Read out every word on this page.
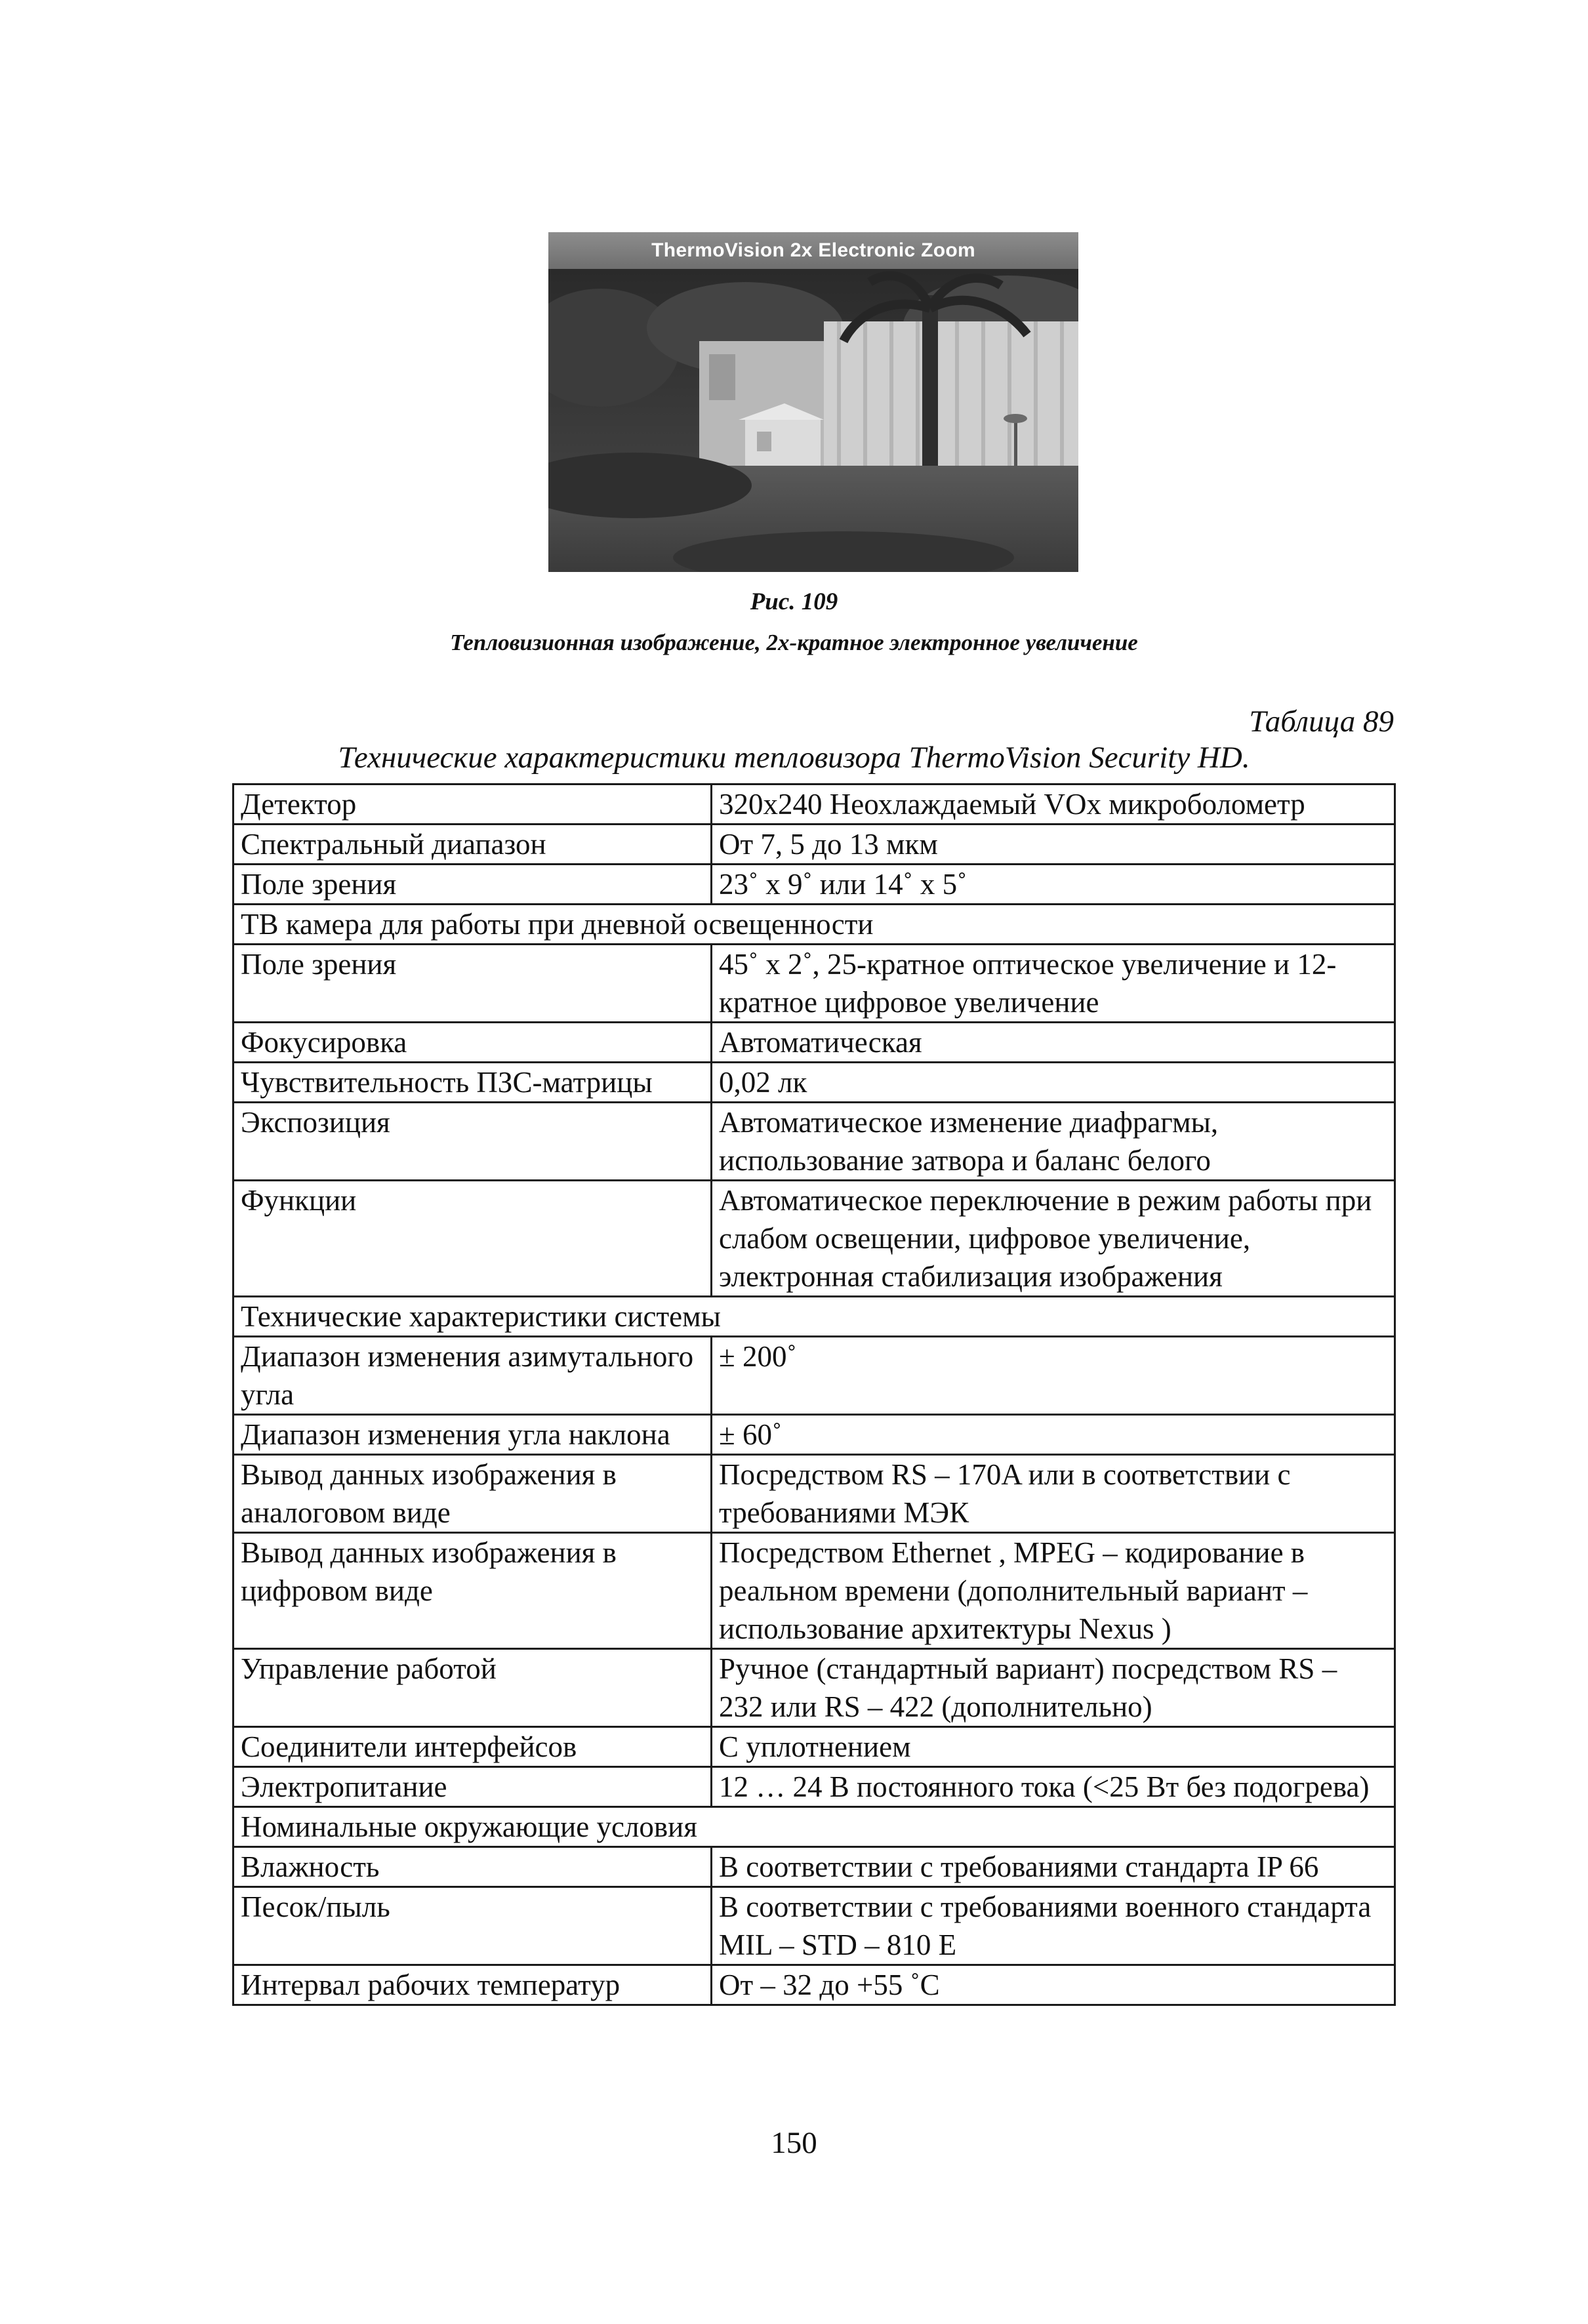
ThermoVision 2x Electronic Zoom
Рис. 109
Тепловизионная изображение, 2х-кратное электронное увеличение
Таблица 89
Технические характеристики тепловизора ThermoVision Security HD.
Детектор	320x240 Неохлаждаемый VOx микроболометр
Спектральный диапазон	От 7, 5 до 13 мкм
Поле зрения	23˚ х 9˚ или 14˚ х 5˚
ТВ камера для работы при дневной освещенности	
Поле зрения	45˚ х 2˚, 25-кратное оптическое увеличение и 12-кратное цифровое увеличение
Фокусировка	Автоматическая
Чувствительность ПЗС-матрицы	0,02 лк
Экспозиция	Автоматическое изменение диафрагмы, использование затвора и баланс белого
Функции	Автоматическое переключение в режим работы при слабом освещении, цифровое увеличение, электронная стабилизация изображения
Технические характеристики системы	
Диапазон изменения азимутального угла	± 200˚
Диапазон изменения угла наклона	± 60˚
Вывод данных изображения в аналоговом виде	Посредством RS – 170A или в соответствии с требованиями МЭК
Вывод данных изображения в цифровом виде	Посредством Ethernet , MPEG – кодирование в реальном времени (дополнительный вариант – использование архитектуры Nexus )
Управление работой	Ручное (стандартный вариант) посредством RS – 232 или RS – 422 (дополнительно)
Соединители интерфейсов	С уплотнением
Электропитание	12 … 24 В постоянного тока (<25 Вт без подогрева)
Номинальные окружающие условия	
Влажность	В соответствии с требованиями стандарта IP 66
Песок/пыль	В соответствии с требованиями военного стандарта MIL – STD – 810 E
Интервал рабочих температур	От – 32 до +55 ˚С
150
